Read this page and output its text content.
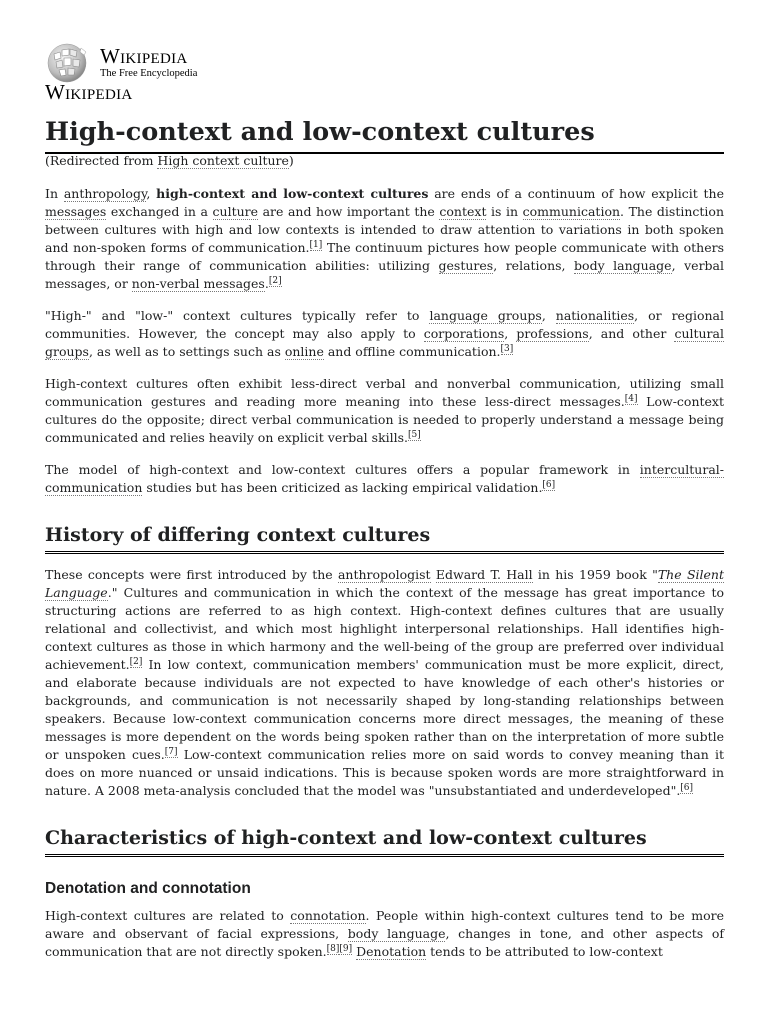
Wikipedia
The Free Encyclopedia
Wikipedia
High-context and low-context cultures
(Redirected from High context culture)

In anthropology, high-context and low-context cultures are ends of a continuum of how explicit the messages exchanged in a culture are and how important the context is in communication. The distinction between cultures with high and low contexts is intended to draw attention to variations in both spoken and non-spoken forms of communication.[1] The continuum pictures how people communicate with others through their range of communication abilities: utilizing gestures, relations, body language, verbal messages, or non-verbal messages.[2]

"High-" and "low-" context cultures typically refer to language groups, nationalities, or regional communities. However, the concept may also apply to corporations, professions, and other cultural groups, as well as to settings such as online and offline communication.[3]

High-context cultures often exhibit less-direct verbal and nonverbal communication, utilizing small communication gestures and reading more meaning into these less-direct messages.[4] Low-context cultures do the opposite; direct verbal communication is needed to properly understand a message being communicated and relies heavily on explicit verbal skills.[5]

The model of high-context and low-context cultures offers a popular framework in intercultural-communication studies but has been criticized as lacking empirical validation.[6]

History of differing context cultures

These concepts were first introduced by the anthropologist Edward T. Hall in his 1959 book "The Silent Language." Cultures and communication in which the context of the message has great importance to structuring actions are referred to as high context. High-context defines cultures that are usually relational and collectivist, and which most highlight interpersonal relationships. Hall identifies high-context cultures as those in which harmony and the well-being of the group are preferred over individual achievement.[2] In low context, communication members' communication must be more explicit, direct, and elaborate because individuals are not expected to have knowledge of each other's histories or backgrounds, and communication is not necessarily shaped by long-standing relationships between speakers. Because low-context communication concerns more direct messages, the meaning of these messages is more dependent on the words being spoken rather than on the interpretation of more subtle or unspoken cues.[7] Low-context communication relies more on said words to convey meaning than it does on more nuanced or unsaid indications. This is because spoken words are more straightforward in nature. A 2008 meta-analysis concluded that the model was "unsubstantiated and underdeveloped".[6]

Characteristics of high-context and low-context cultures
Denotation and connotation

High-context cultures are related to connotation. People within high-context cultures tend to be more aware and observant of facial expressions, body language, changes in tone, and other aspects of communication that are not directly spoken.[8][9] Denotation tends to be attributed to low-context
